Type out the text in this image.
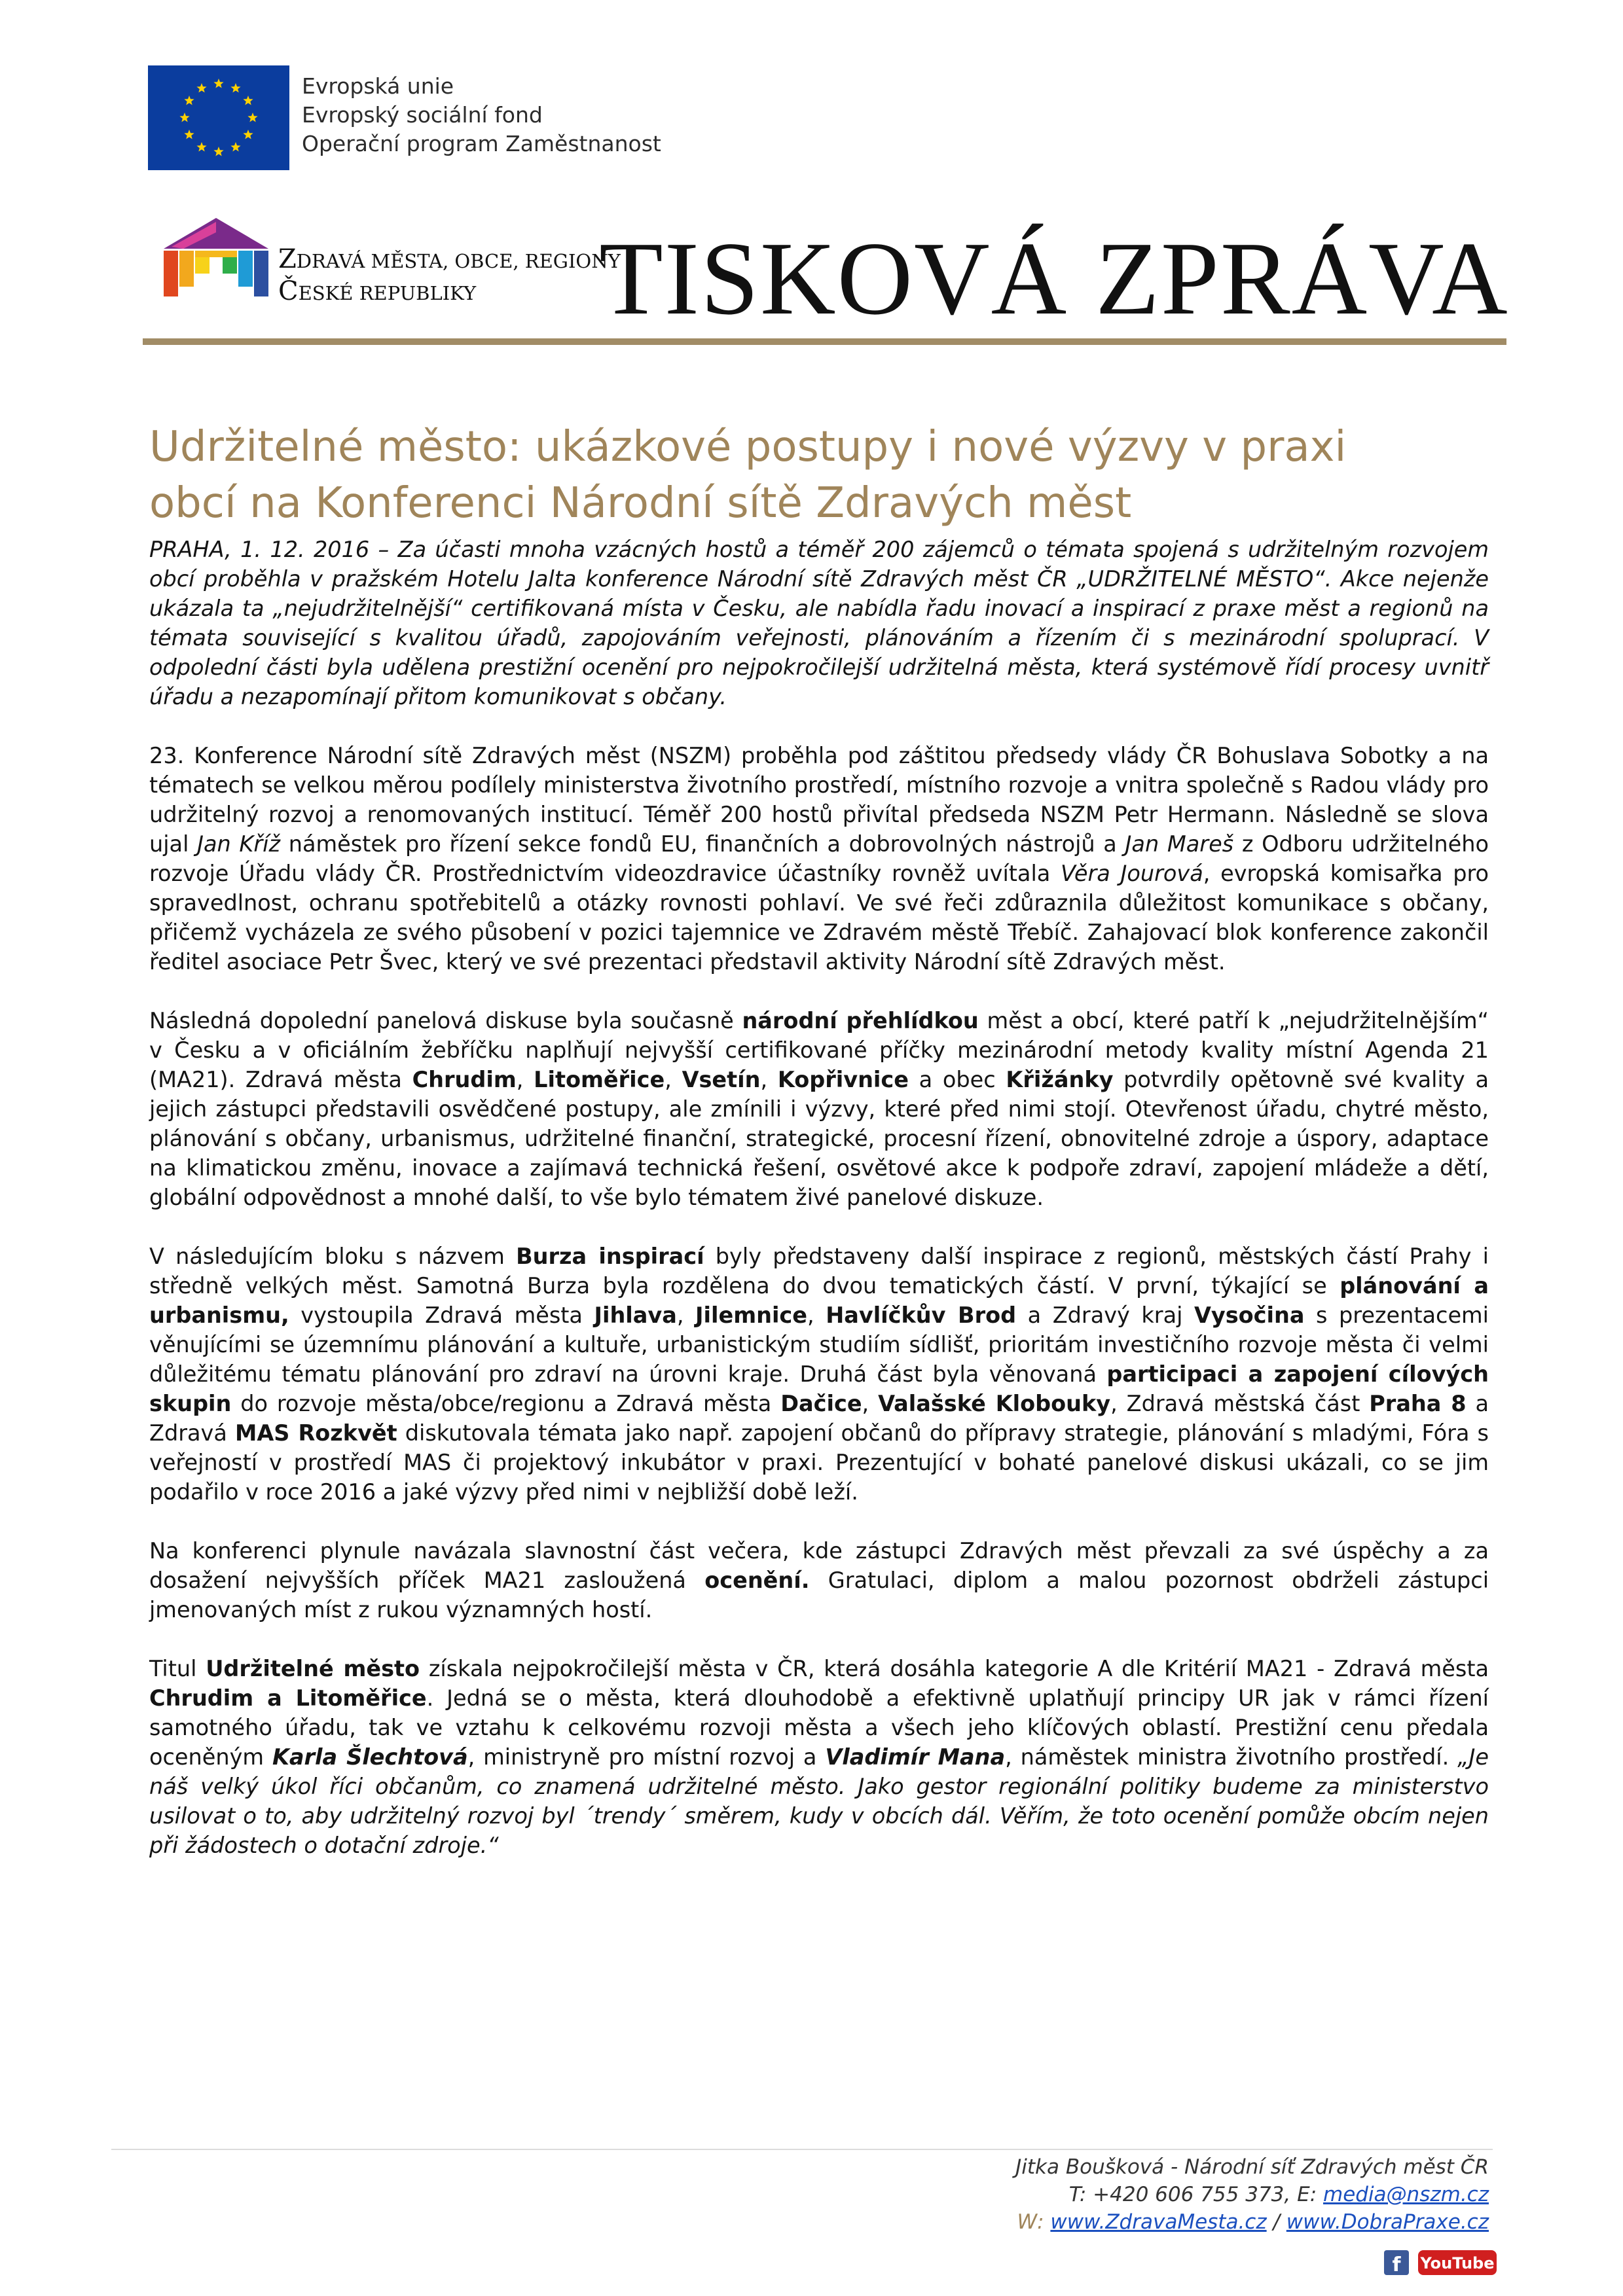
Evropská unie
Evropský sociální fond
Operační program Zaměstnanost
ZDRAVÁ MĚSTA, OBCE, REGIONY
ČESKÉ REPUBLIKY	TISKOVÁ ZPRÁVA
Udržitelné město: ukázkové postupy i nové výzvy v praxi
obcí na Konferenci Národní sítě Zdravých měst

PRAHA, 1. 12. 2016 – Za účasti mnoha vzácných hostů a téměř 200 zájemců o témata spojená s udržitelným rozvojem obcí proběhla v pražském Hotelu Jalta konference Národní sítě Zdravých měst ČR „UDRŽITELNÉ MĚSTO“. Akce nejenže ukázala ta „nejudržitelnější“ certifikovaná místa v Česku, ale nabídla řadu inovací a inspirací z praxe měst a regionů na témata související s kvalitou úřadů, zapojováním veřejnosti, plánováním a řízením či s mezinárodní spoluprací. V odpolední části byla udělena prestižní ocenění pro nejpokročilejší udržitelná města, která systémově řídí procesy uvnitř úřadu a nezapomínají přitom komunikovat s občany.

23. Konference Národní sítě Zdravých měst (NSZM) proběhla pod záštitou předsedy vlády ČR Bohuslava Sobotky a na tématech se velkou měrou podílely ministerstva životního prostředí, místního rozvoje a vnitra společně s Radou vlády pro udržitelný rozvoj a renomovaných institucí. Téměř 200 hostů přivítal předseda NSZM Petr Hermann. Následně se slova ujal Jan Kříž náměstek pro řízení sekce fondů EU, finančních a dobrovolných nástrojů a Jan Mareš z Odboru udržitelného rozvoje Úřadu vlády ČR. Prostřednictvím videozdravice účastníky rovněž uvítala Věra Jourová, evropská komisařka pro spravedlnost, ochranu spotřebitelů a otázky rovnosti pohlaví. Ve své řeči zdůraznila důležitost komunikace s občany, přičemž vycházela ze svého působení v pozici tajemnice ve Zdravém městě Třebíč. Zahajovací blok konference zakončil ředitel asociace Petr Švec, který ve své prezentaci představil aktivity Národní sítě Zdravých měst.

Následná dopolední panelová diskuse byla současně národní přehlídkou měst a obcí, které patří k „nejudržitelnějším“ v Česku a v oficiálním žebříčku naplňují nejvyšší certifikované příčky mezinárodní metody kvality místní Agenda 21 (MA21). Zdravá města Chrudim, Litoměřice, Vsetín, Kopřivnice a obec Křižánky potvrdily opětovně své kvality a jejich zástupci představili osvědčené postupy, ale zmínili i výzvy, které před nimi stojí. Otevřenost úřadu, chytré město, plánování s občany, urbanismus, udržitelné finanční, strategické, procesní řízení, obnovitelné zdroje a úspory, adaptace na klimatickou změnu, inovace a zajímavá technická řešení, osvětové akce k podpoře zdraví, zapojení mládeže a dětí, globální odpovědnost a mnohé další, to vše bylo tématem živé panelové diskuze.

V následujícím bloku s názvem Burza inspirací byly představeny další inspirace z regionů, městských částí Prahy i středně velkých měst. Samotná Burza byla rozdělena do dvou tematických částí. V první, týkající se plánování a urbanismu, vystoupila Zdravá města Jihlava, Jilemnice, Havlíčkův Brod a Zdravý kraj Vysočina s prezentacemi věnujícími se územnímu plánování a kultuře, urbanistickým studiím sídlišť, prioritám investičního rozvoje města či velmi důležitému tématu plánování pro zdraví na úrovni kraje. Druhá část byla věnovaná participaci a zapojení cílových skupin do rozvoje města/obce/regionu a Zdravá města Dačice, Valašské Klobouky, Zdravá městská část Praha 8 a Zdravá MAS Rozkvět diskutovala témata jako např. zapojení občanů do přípravy strategie, plánování s mladými, Fóra s veřejností v prostředí MAS či projektový inkubátor v praxi. Prezentující v bohaté panelové diskusi ukázali, co se jim podařilo v roce 2016 a jaké výzvy před nimi v nejbližší době leží.

Na konferenci plynule navázala slavnostní část večera, kde zástupci Zdravých měst převzali za své úspěchy a za dosažení nejvyšších příček MA21 zasloužená ocenění. Gratulaci, diplom a malou pozornost obdrželi zástupci jmenovaných míst z rukou významných hostí.

Titul Udržitelné město získala nejpokročilejší města v ČR, která dosáhla kategorie A dle Kritérií MA21 - Zdravá města Chrudim a Litoměřice. Jedná se o města, která dlouhodobě a efektivně uplatňují principy UR jak v rámci řízení samotného úřadu, tak ve vztahu k celkovému rozvoji města a všech jeho klíčových oblastí. Prestižní cenu předala oceněným Karla Šlechtová, ministryně pro místní rozvoj a Vladimír Mana, náměstek ministra životního prostředí. „Je náš velký úkol říci občanům, co znamená udržitelné město. Jako gestor regionální politiky budeme za ministerstvo usilovat o to, aby udržitelný rozvoj byl ´trendy´ směrem, kudy v obcích dál. Věřím, že toto ocenění pomůže obcím nejen při žádostech o dotační zdroje.“

Jitka Boušková - Národní síť Zdravých měst ČR
T: +420 606 755 373, E: media@nszm.cz
W: www.ZdravaMesta.cz / www.DobraPraxe.cz
f YouTube
